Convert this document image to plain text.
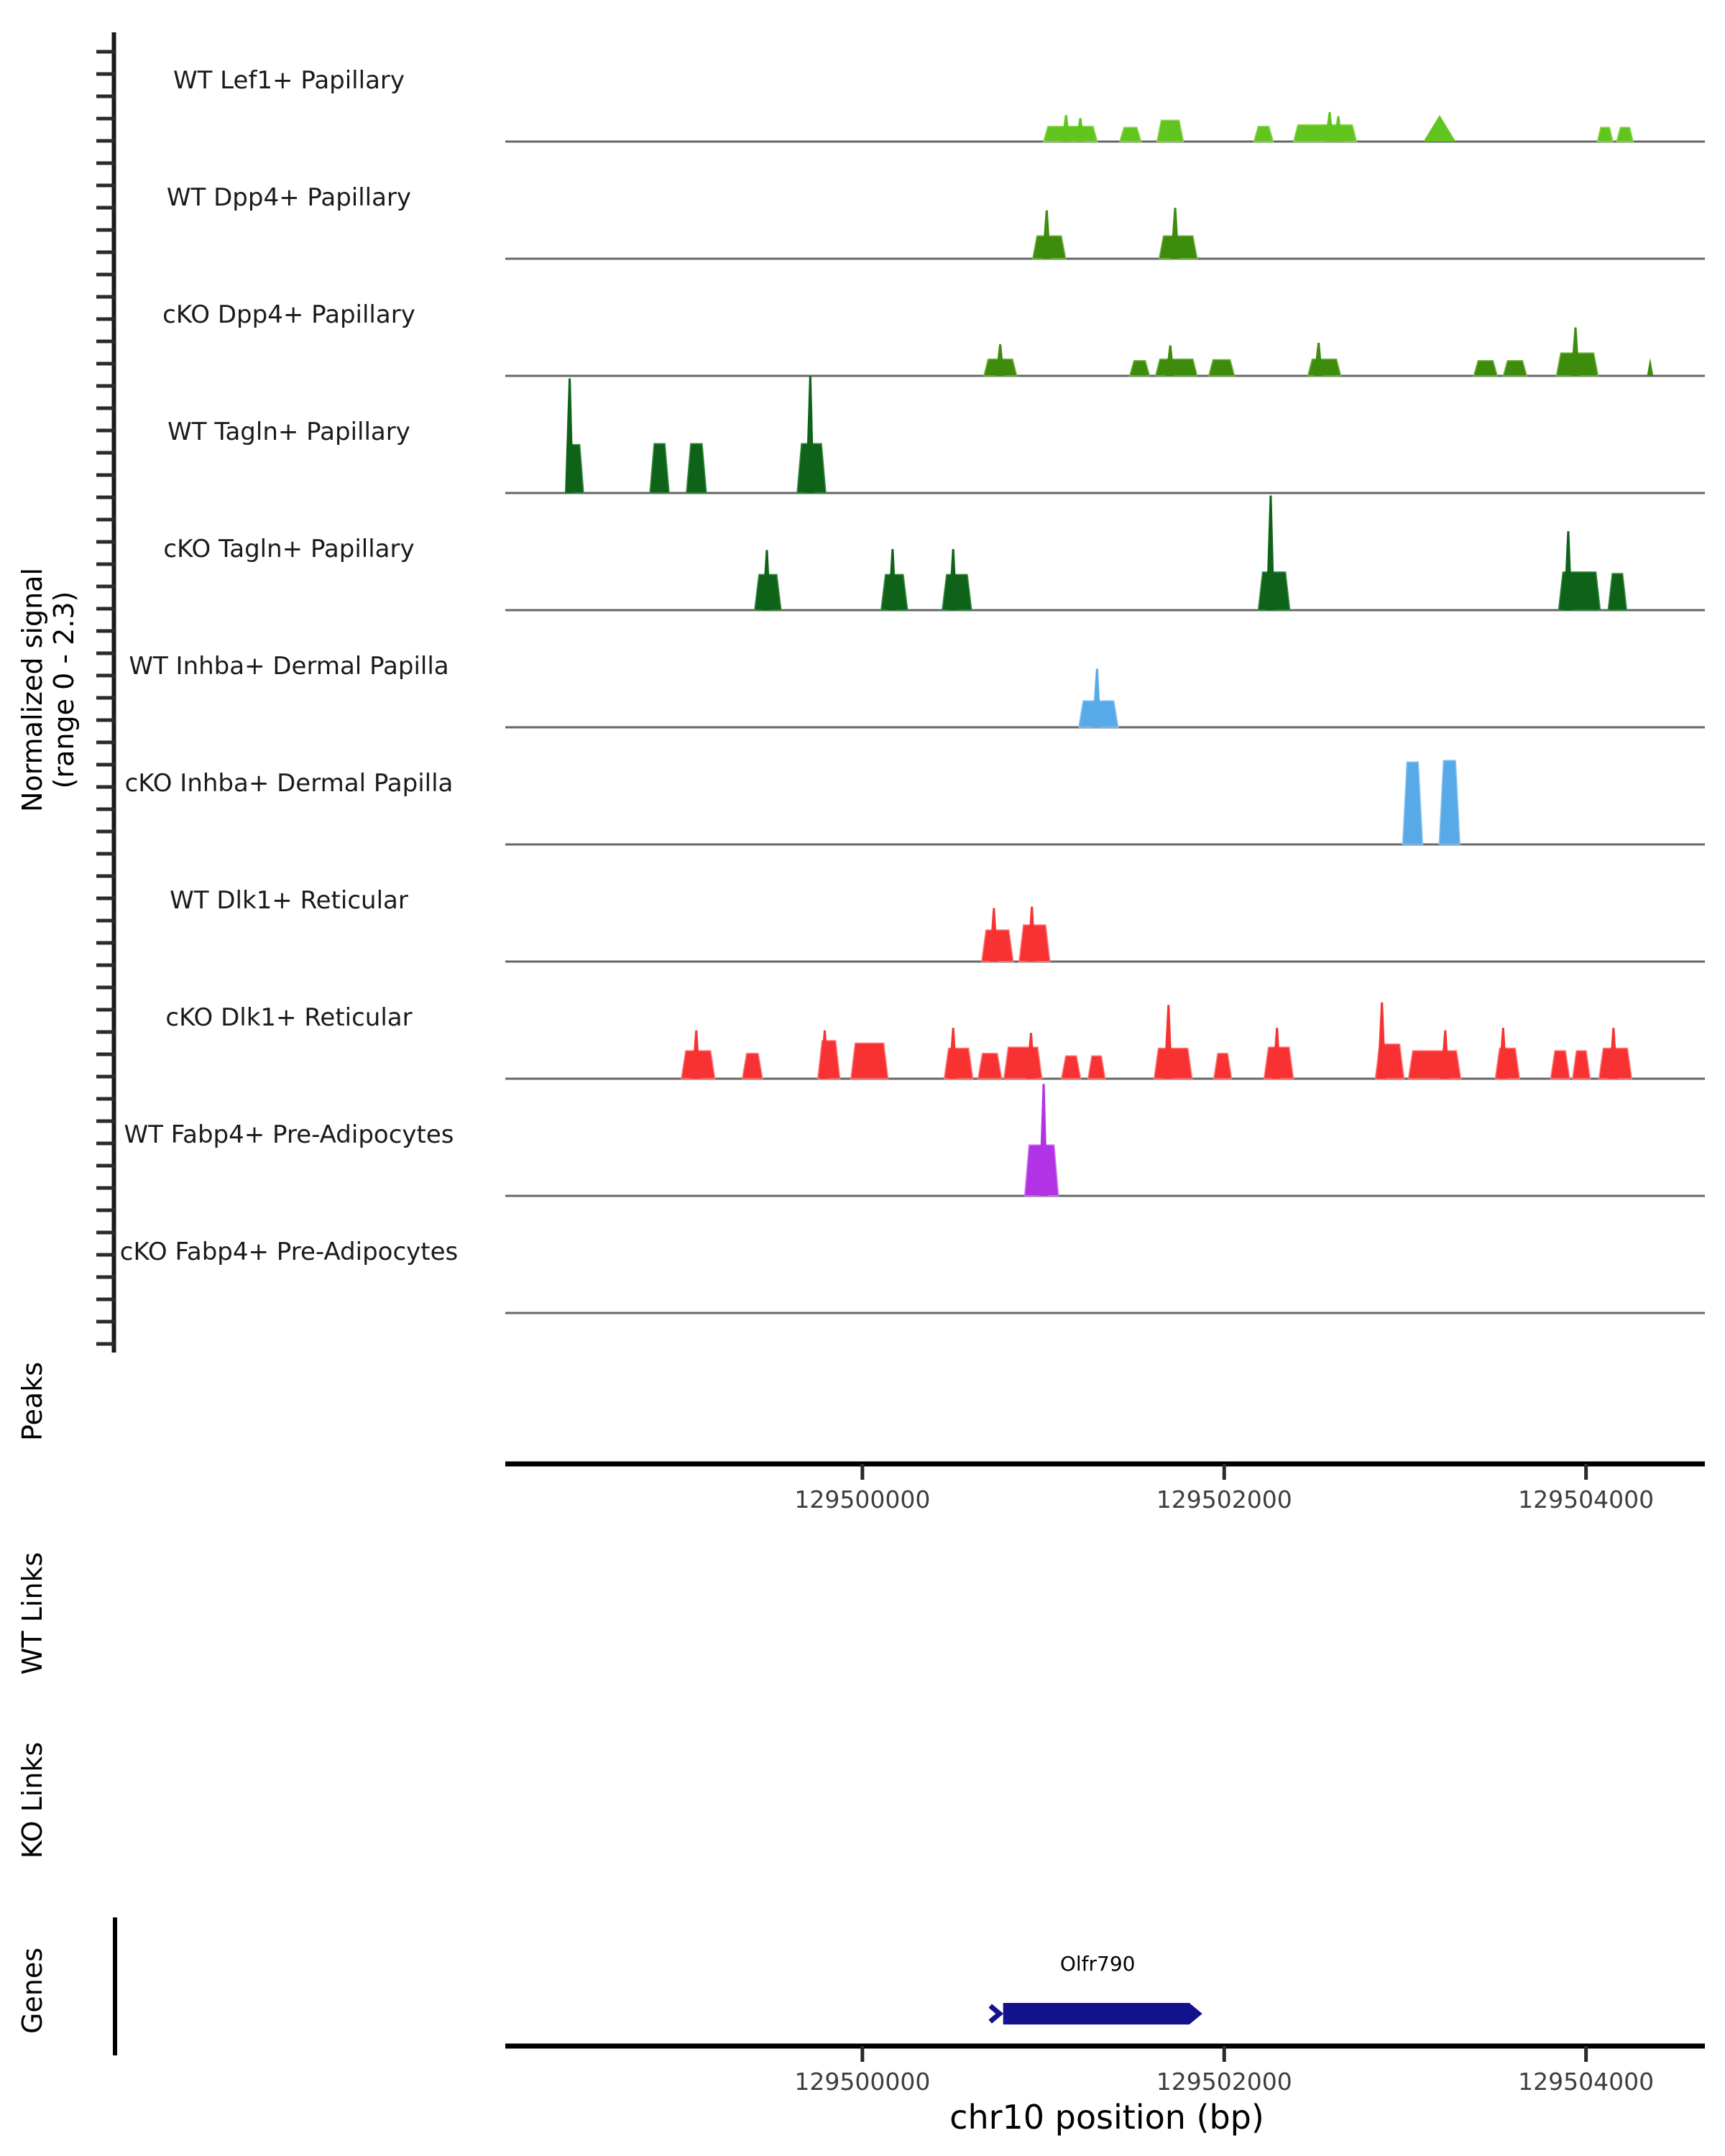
Normalized signal (range 0 - 2.3)
WT Lef1+ Papillary
WT Dpp4+ Papillary
cKO Dpp4+ Papillary
WT Tagln+ Papillary
cKO Tagln+ Papillary
WT Inhba+ Dermal Papilla
cKO Inhba+ Dermal Papilla
WT Dlk1+ Reticular
cKO Dlk1+ Reticular
WT Fabp4+ Pre-Adipocytes
cKO Fabp4+ Pre-Adipocytes
Peaks
129500000	129502000	129504000
WT Links
KO Links
Genes	Olfr790
129500000	129502000	129504000
chr10 position (bp)
